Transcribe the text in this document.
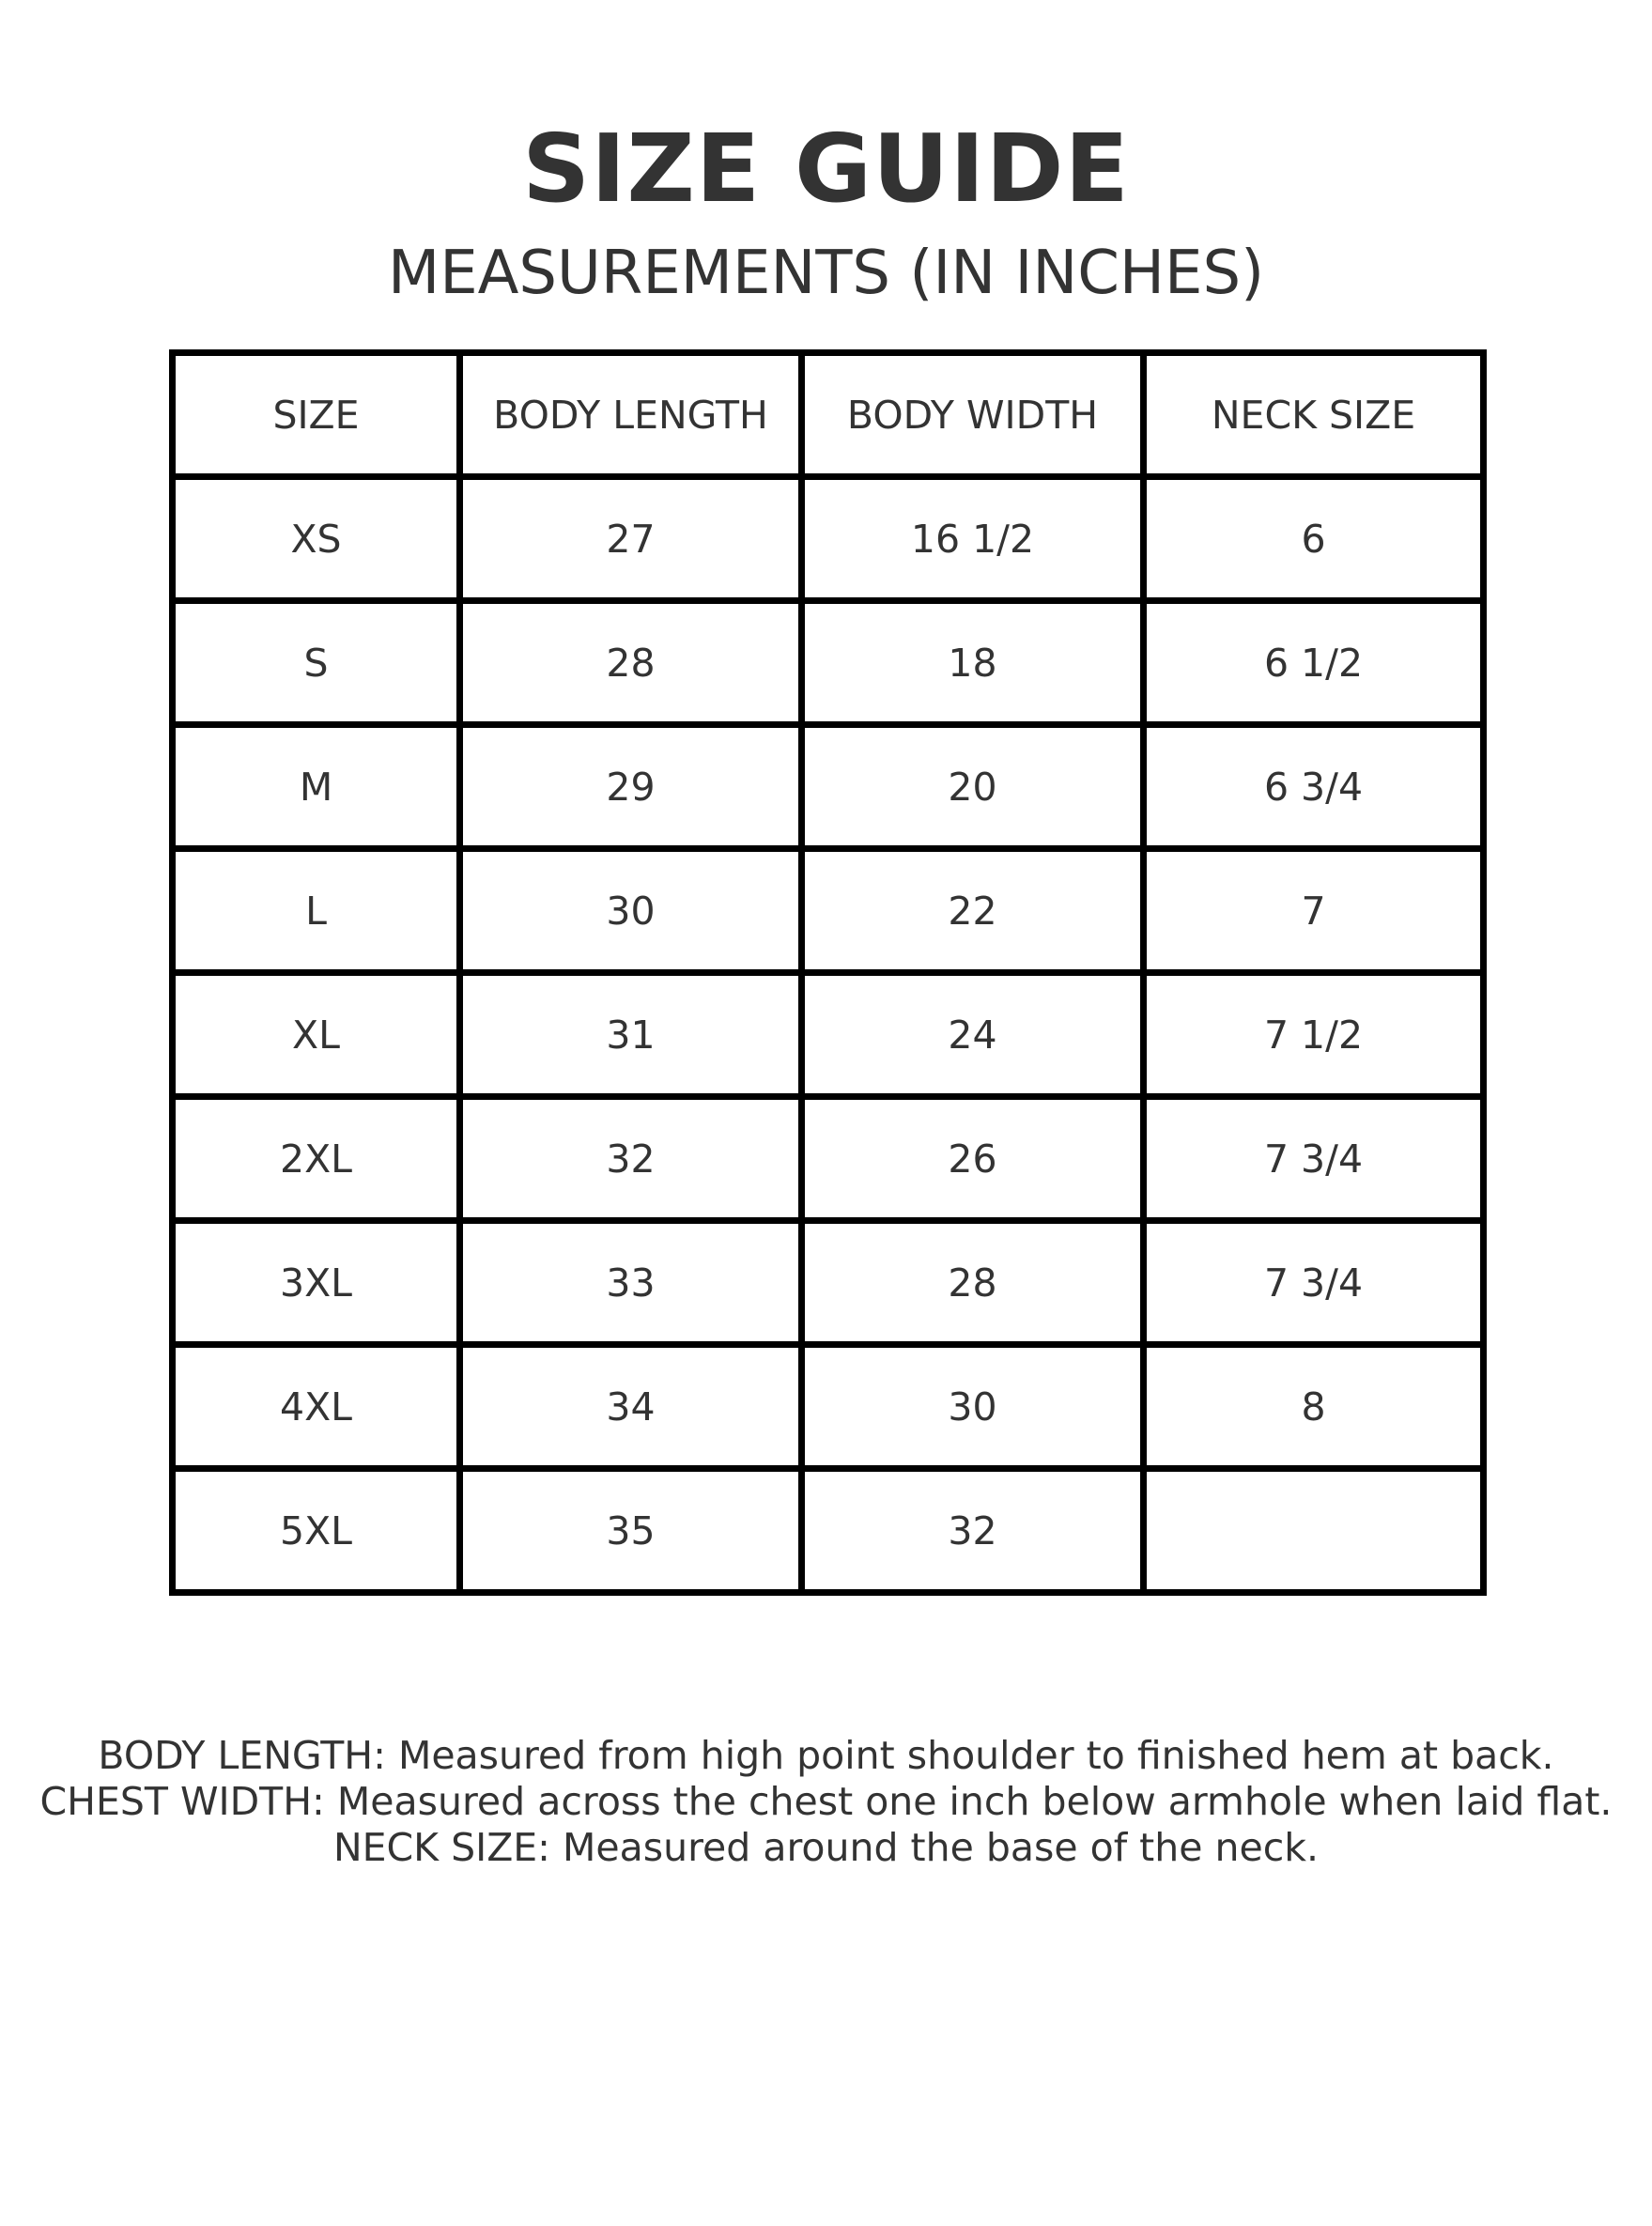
SIZE GUIDE
MEASUREMENTS (IN INCHES)
SIZE	BODY LENGTH	BODY WIDTH	NECK SIZE
XS	27	16 1/2	6
S	28	18	6 1/2
M	29	20	6 3/4
L	30	22	7
XL	31	24	7 1/2
2XL	32	26	7 3/4
3XL	33	28	7 3/4
4XL	34	30	8
5XL	35	32	
BODY LENGTH: Measured from high point shoulder to finished hem at back.
CHEST WIDTH: Measured across the chest one inch below armhole when laid flat.
NECK SIZE: Measured around the base of the neck.
